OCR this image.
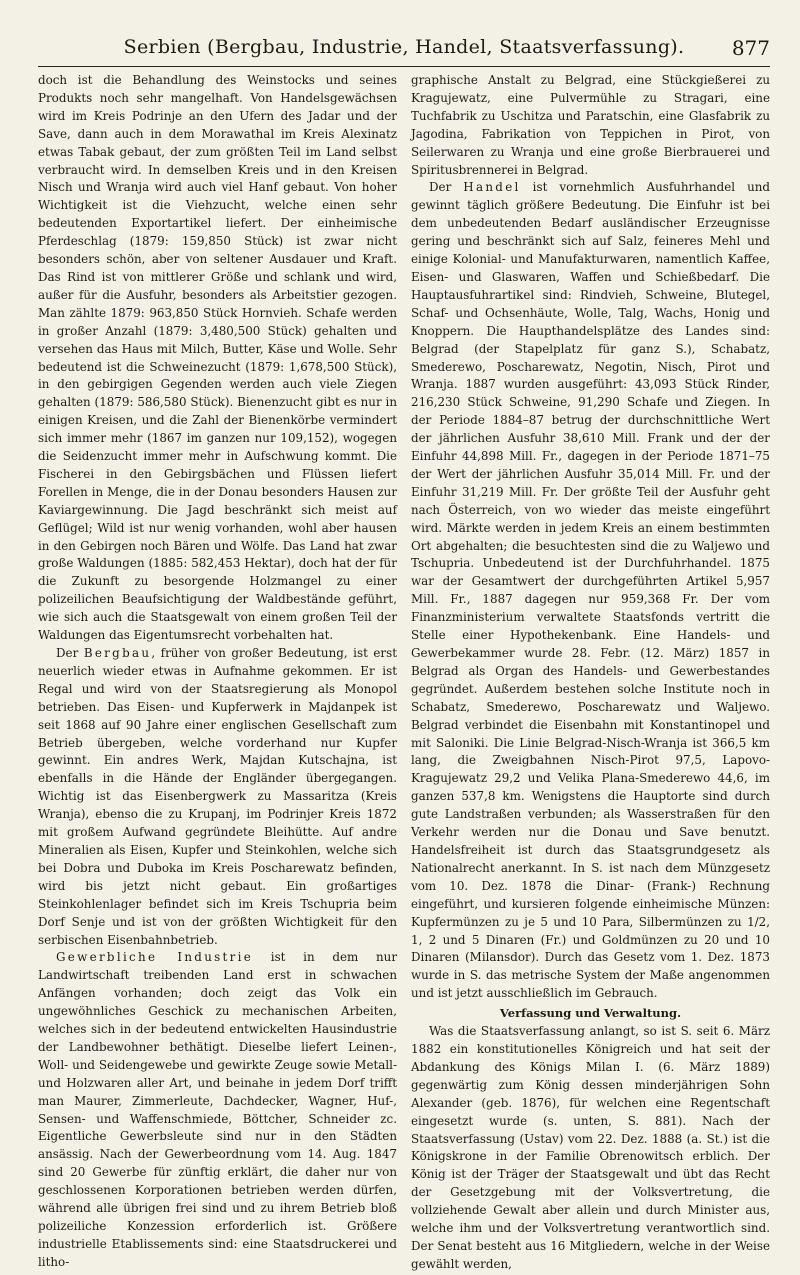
Serbien (Bergbau, Industrie, Handel, Staatsverfassung).	877

doch ist die Behandlung des Weinstocks und seines Produkts noch sehr mangelhaft. Von Handelsgewächsen wird im Kreis Podrinje an den Ufern des Jadar und der Save, dann auch in dem Morawathal im Kreis Alexinatz etwas Tabak gebaut, der zum größten Teil im Land selbst verbraucht wird. In demselben Kreis und in den Kreisen Nisch und Wranja wird auch viel Hanf gebaut. Von hoher Wichtigkeit ist die Viehzucht, welche einen sehr bedeutenden Exportartikel liefert. Der einheimische Pferdeschlag (1879: 159,850 Stück) ist zwar nicht besonders schön, aber von seltener Ausdauer und Kraft. Das Rind ist von mittlerer Größe und schlank und wird, außer für die Ausfuhr, besonders als Arbeitstier gezogen. Man zählte 1879: 963,850 Stück Hornvieh. Schafe werden in großer Anzahl (1879: 3,480,500 Stück) gehalten und versehen das Haus mit Milch, Butter, Käse und Wolle. Sehr bedeutend ist die Schweinezucht (1879: 1,678,500 Stück), in den gebirgigen Gegenden werden auch viele Ziegen gehalten (1879: 586,580 Stück). Bienenzucht gibt es nur in einigen Kreisen, und die Zahl der Bienenkörbe vermindert sich immer mehr (1867 im ganzen nur 109,152), wogegen die Seidenzucht immer mehr in Aufschwung kommt. Die Fischerei in den Gebirgsbächen und Flüssen liefert Forellen in Menge, die in der Donau besonders Hausen zur Kaviargewinnung. Die Jagd beschränkt sich meist auf Geflügel; Wild ist nur wenig vorhanden, wohl aber hausen in den Gebirgen noch Bären und Wölfe. Das Land hat zwar große Waldungen (1885: 582,453 Hektar), doch hat der für die Zukunft zu besorgende Holzmangel zu einer polizeilichen Beaufsichtigung der Waldbestände geführt, wie sich auch die Staatsgewalt von einem großen Teil der Waldungen das Eigentumsrecht vorbehalten hat.

Der Bergbau, früher von großer Bedeutung, ist erst neuerlich wieder etwas in Aufnahme gekommen. Er ist Regal und wird von der Staatsregierung als Monopol betrieben. Das Eisen- und Kupferwerk in Majdanpek ist seit 1868 auf 90 Jahre einer englischen Gesellschaft zum Betrieb übergeben, welche vorderhand nur Kupfer gewinnt. Ein andres Werk, Majdan Kutschajna, ist ebenfalls in die Hände der Engländer übergegangen. Wichtig ist das Eisenbergwerk zu Massaritza (Kreis Wranja), ebenso die zu Krupanj, im Podrinjer Kreis 1872 mit großem Aufwand gegründete Bleihütte. Auf andre Mineralien als Eisen, Kupfer und Steinkohlen, welche sich bei Dobra und Duboka im Kreis Poscharewatz befinden, wird bis jetzt nicht gebaut. Ein großartiges Steinkohlenlager befindet sich im Kreis Tschupria beim Dorf Senje und ist von der größten Wichtigkeit für den serbischen Eisenbahnbetrieb.

Gewerbliche Industrie ist in dem nur Landwirtschaft treibenden Land erst in schwachen Anfängen vorhanden; doch zeigt das Volk ein ungewöhnliches Geschick zu mechanischen Arbeiten, welches sich in der bedeutend entwickelten Hausindustrie der Landbewohner bethätigt. Dieselbe liefert Leinen-, Woll- und Seidengewebe und gewirkte Zeuge sowie Metall- und Holzwaren aller Art, und beinahe in jedem Dorf trifft man Maurer, Zimmerleute, Dachdecker, Wagner, Huf-, Sensen- und Waffenschmiede, Böttcher, Schneider zc. Eigentliche Gewerbsleute sind nur in den Städten ansässig. Nach der Gewerbeordnung vom 14. Aug. 1847 sind 20 Gewerbe für zünftig erklärt, die daher nur von geschlossenen Korporationen betrieben werden dürfen, während alle übrigen frei sind und zu ihrem Betrieb bloß polizeiliche Konzession erforderlich ist. Größere industrielle Etablissements sind: eine Staatsdruckerei und litho-

graphische Anstalt zu Belgrad, eine Stückgießerei zu Kragujewatz, eine Pulvermühle zu Stragari, eine Tuchfabrik zu Uschitza und Paratschin, eine Glasfabrik zu Jagodina, Fabrikation von Teppichen in Pirot, von Seilerwaren zu Wranja und eine große Bierbrauerei und Spiritusbrennerei in Belgrad.

Der Handel ist vornehmlich Ausfuhrhandel und gewinnt täglich größere Bedeutung. Die Einfuhr ist bei dem unbedeutenden Bedarf ausländischer Erzeugnisse gering und beschränkt sich auf Salz, feineres Mehl und einige Kolonial- und Manufakturwaren, namentlich Kaffee, Eisen- und Glaswaren, Waffen und Schießbedarf. Die Hauptausfuhrartikel sind: Rindvieh, Schweine, Blutegel, Schaf- und Ochsenhäute, Wolle, Talg, Wachs, Honig und Knoppern. Die Haupthandelsplätze des Landes sind: Belgrad (der Stapelplatz für ganz S.), Schabatz, Smederewo, Poscharewatz, Negotin, Nisch, Pirot und Wranja. 1887 wurden ausgeführt: 43,093 Stück Rinder, 216,230 Stück Schweine, 91,290 Schafe und Ziegen. In der Periode 1884–87 betrug der durchschnittliche Wert der jährlichen Ausfuhr 38,610 Mill. Frank und der der Einfuhr 44,898 Mill. Fr., dagegen in der Periode 1871–75 der Wert der jährlichen Ausfuhr 35,014 Mill. Fr. und der Einfuhr 31,219 Mill. Fr. Der größte Teil der Ausfuhr geht nach Österreich, von wo wieder das meiste eingeführt wird. Märkte werden in jedem Kreis an einem bestimmten Ort abgehalten; die besuchtesten sind die zu Waljewo und Tschupria. Unbedeutend ist der Durchfuhrhandel. 1875 war der Gesamtwert der durchgeführten Artikel 5,957 Mill. Fr., 1887 dagegen nur 959,368 Fr. Der vom Finanzministerium verwaltete Staatsfonds vertritt die Stelle einer Hypothekenbank. Eine Handels- und Gewerbekammer wurde 28. Febr. (12. März) 1857 in Belgrad als Organ des Handels- und Gewerbestandes gegründet. Außerdem bestehen solche Institute noch in Schabatz, Smederewo, Poscharewatz und Waljewo. Belgrad verbindet die Eisenbahn mit Konstantinopel und mit Saloniki. Die Linie Belgrad-Nisch-Wranja ist 366,5 km lang, die Zweigbahnen Nisch-Pirot 97,5, Lapovo-Kragujewatz 29,2 und Velika Plana-Smederewo 44,6, im ganzen 537,8 km. Wenigstens die Hauptorte sind durch gute Landstraßen verbunden; als Wasserstraßen für den Verkehr werden nur die Donau und Save benutzt. Handelsfreiheit ist durch das Staatsgrundgesetz als Nationalrecht anerkannt. In S. ist nach dem Münzgesetz vom 10. Dez. 1878 die Dinar- (Frank-) Rechnung eingeführt, und kursieren folgende einheimische Münzen: Kupfermünzen zu je 5 und 10 Para, Silbermünzen zu 1/2, 1, 2 und 5 Dinaren (Fr.) und Goldmünzen zu 20 und 10 Dinaren (Milansdor). Durch das Gesetz vom 1. Dez. 1873 wurde in S. das metrische System der Maße angenommen und ist jetzt ausschließlich im Gebrauch.

Verfassung und Verwaltung.

Was die Staatsverfassung anlangt, so ist S. seit 6. März 1882 ein konstitutionelles Königreich und hat seit der Abdankung des Königs Milan I. (6. März 1889) gegenwärtig zum König dessen minderjährigen Sohn Alexander (geb. 1876), für welchen eine Regentschaft eingesetzt wurde (s. unten, S. 881). Nach der Staatsverfassung (Ustav) vom 22. Dez. 1888 (a. St.) ist die Königskrone in der Familie Obrenowitsch erblich. Der König ist der Träger der Staatsgewalt und übt das Recht der Gesetzgebung mit der Volksvertretung, die vollziehende Gewalt aber allein und durch Minister aus, welche ihm und der Volksvertretung verantwortlich sind. Der Senat besteht aus 16 Mitgliedern, welche in der Weise gewählt werden,
